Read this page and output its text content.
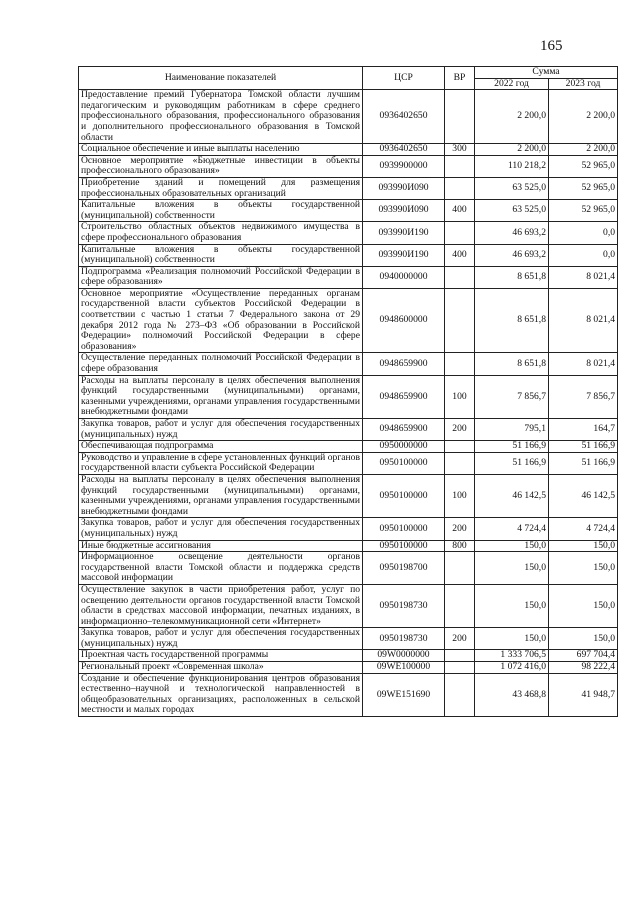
165
Наименование показателей	ЦСР	ВР	Сумма	
			2022 год	2023 год
Предоставление премий Губернатора Томской области лучшим педагогическим и руководящим работникам в сфере среднего профессионального образования, профессионального образования и дополнительного профессионального образования в Томской области	0936402650		2 200,0	2 200,0
Социальное обеспечение и иные выплаты населению	0936402650	300	2 200,0	2 200,0
Основное мероприятие «Бюджетные инвестиции в объекты профессионального образования»	0939900000		110 218,2	52 965,0
Приобретение зданий и помещений для размещения профессиональных образовательных организаций	093990И090		63 525,0	52 965,0
Капитальные вложения в объекты государственной (муниципальной) собственности	093990И090	400	63 525,0	52 965,0
Строительство областных объектов недвижимого имущества в сфере профессионального образования	093990И190		46 693,2	0,0
Капитальные вложения в объекты государственной (муниципальной) собственности	093990И190	400	46 693,2	0,0
Подпрограмма «Реализация полномочий Российской Федерации в сфере образования»	0940000000		8 651,8	8 021,4
Основное мероприятие «Осуществление переданных органам государственной власти субъектов Российской Федерации в соответствии с частью 1 статьи 7 Федерального закона от 29 декабря 2012 года № 273–ФЗ «Об образовании в Российской Федерации» полномочий Российской Федерации в сфере образования»	0948600000		8 651,8	8 021,4
Осуществление переданных полномочий Российской Федерации в сфере образования	0948659900		8 651,8	8 021,4
Расходы на выплаты персоналу в целях обеспечения выполнения функций государственными (муниципальными) органами, казенными учреждениями, органами управления государственными внебюджетными фондами	0948659900	100	7 856,7	7 856,7
Закупка товаров, работ и услуг для обеспечения государственных (муниципальных) нужд	0948659900	200	795,1	164,7
Обеспечивающая подпрограмма	0950000000		51 166,9	51 166,9
Руководство и управление в сфере установленных функций органов государственной власти субъекта Российской Федерации	0950100000		51 166,9	51 166,9
Расходы на выплаты персоналу в целях обеспечения выполнения функций государственными (муниципальными) органами, казенными учреждениями, органами управления государственными внебюджетными фондами	0950100000	100	46 142,5	46 142,5
Закупка товаров, работ и услуг для обеспечения государственных (муниципальных) нужд	0950100000	200	4 724,4	4 724,4
Иные бюджетные ассигнования	0950100000	800	150,0	150,0
Информационное освещение деятельности органов государственной власти Томской области и поддержка средств массовой информации	0950198700		150,0	150,0
Осуществление закупок в части приобретения работ, услуг по освещению деятельности органов государственной власти Томской области в средствах массовой информации, печатных изданиях, в информационно–телекоммуникационной сети «Интернет»	0950198730		150,0	150,0
Закупка товаров, работ и услуг для обеспечения государственных (муниципальных) нужд	0950198730	200	150,0	150,0
Проектная часть государственной программы	09W0000000		1 333 706,5	697 704,4
Региональный проект «Современная школа»	09WE100000		1 072 416,0	98 222,4
Создание и обеспечение функционирования центров образования естественно–научной и технологической направленностей в общеобразовательных организациях, расположенных в сельской местности и малых городах	09WE151690		43 468,8	41 948,7
